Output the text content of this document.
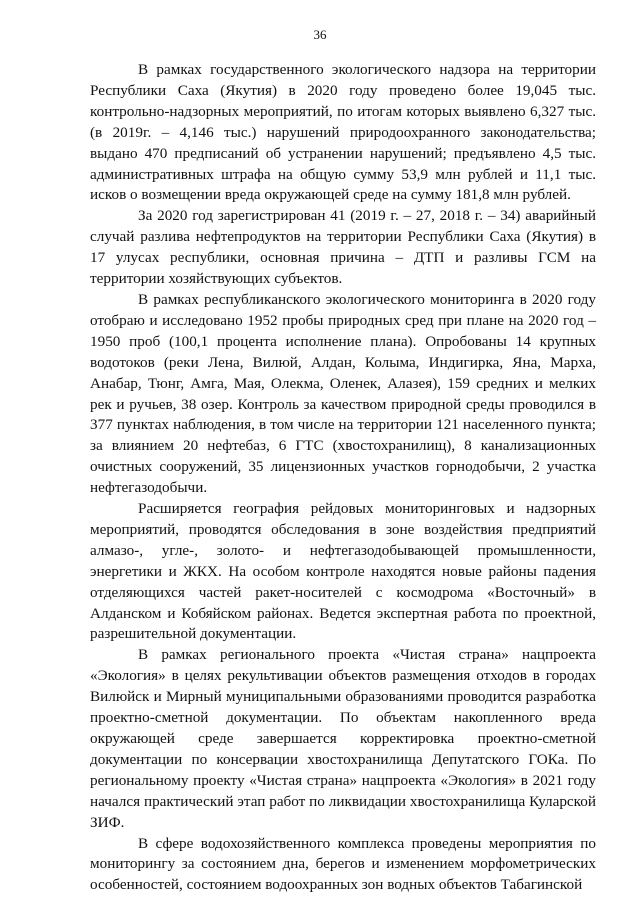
36

В рамках государственного экологического надзора на территории Республики Саха (Якутия) в 2020 году проведено более 19,045 тыс. контрольно-надзорных мероприятий, по итогам которых выявлено 6,327 тыс. (в 2019г. – 4,146 тыс.) нарушений природоохранного законодательства; выдано 470 предписаний об устранении нарушений; предъявлено 4,5 тыс. административных штрафа на общую сумму 53,9 млн рублей и 11,1 тыс. исков о возмещении вреда окружающей среде на сумму 181,8 млн рублей.

За 2020 год зарегистрирован 41 (2019 г. – 27, 2018 г. – 34) аварийный случай разлива нефтепродуктов на территории Республики Саха (Якутия) в 17 улусах республики, основная причина – ДТП и разливы ГСМ на территории хозяйствующих субъектов.

В рамках республиканского экологического мониторинга в 2020 году отобраю и исследовано 1952 пробы природных сред при плане на 2020 год – 1950 проб (100,1 процента исполнение плана). Опробованы 14 крупных водотоков (реки Лена, Вилюй, Алдан, Колыма, Индигирка, Яна, Марха, Анабар, Тюнг, Амга, Мая, Олекма, Оленек, Алазея), 159 средних и мелких рек и ручьев, 38 озер. Контроль за качеством природной среды проводился в 377 пунктах наблюдения, в том числе на территории 121 населенного пункта; за влиянием 20 нефтебаз, 6 ГТС (хвостохранилищ), 8 канализационных очистных сооружений, 35 лицензионных участков горнодобычи, 2 участка нефтегазодобычи.

Расширяется география рейдовых мониторинговых и надзорных мероприятий, проводятся обследования в зоне воздействия предприятий алмазо-, угле-, золото- и нефтегазодобывающей промышленности, энергетики и ЖКХ. На особом контроле находятся новые районы падения отделяющихся частей ракет-носителей с космодрома «Восточный» в Алданском и Кобяйском районах. Ведется экспертная работа по проектной, разрешительной документации.

В рамках регионального проекта «Чистая страна» нацпроекта «Экология» в целях рекультивации объектов размещения отходов в городах Вилюйск и Мирный муниципальными образованиями проводится разработка проектно-сметной документации. По объектам накопленного вреда окружающей среде завершается корректировка проектно-сметной документации по консервации хвостохранилища Депутатского ГОКа. По региональному проекту «Чистая страна» нацпроекта «Экология» в 2021 году начался практический этап работ по ликвидации хвостохранилища Куларской ЗИФ.

В сфере водохозяйственного комплекса проведены мероприятия по мониторингу за состоянием дна, берегов и изменением морфометрических особенностей, состоянием водоохранных зон водных объектов Табагинской
